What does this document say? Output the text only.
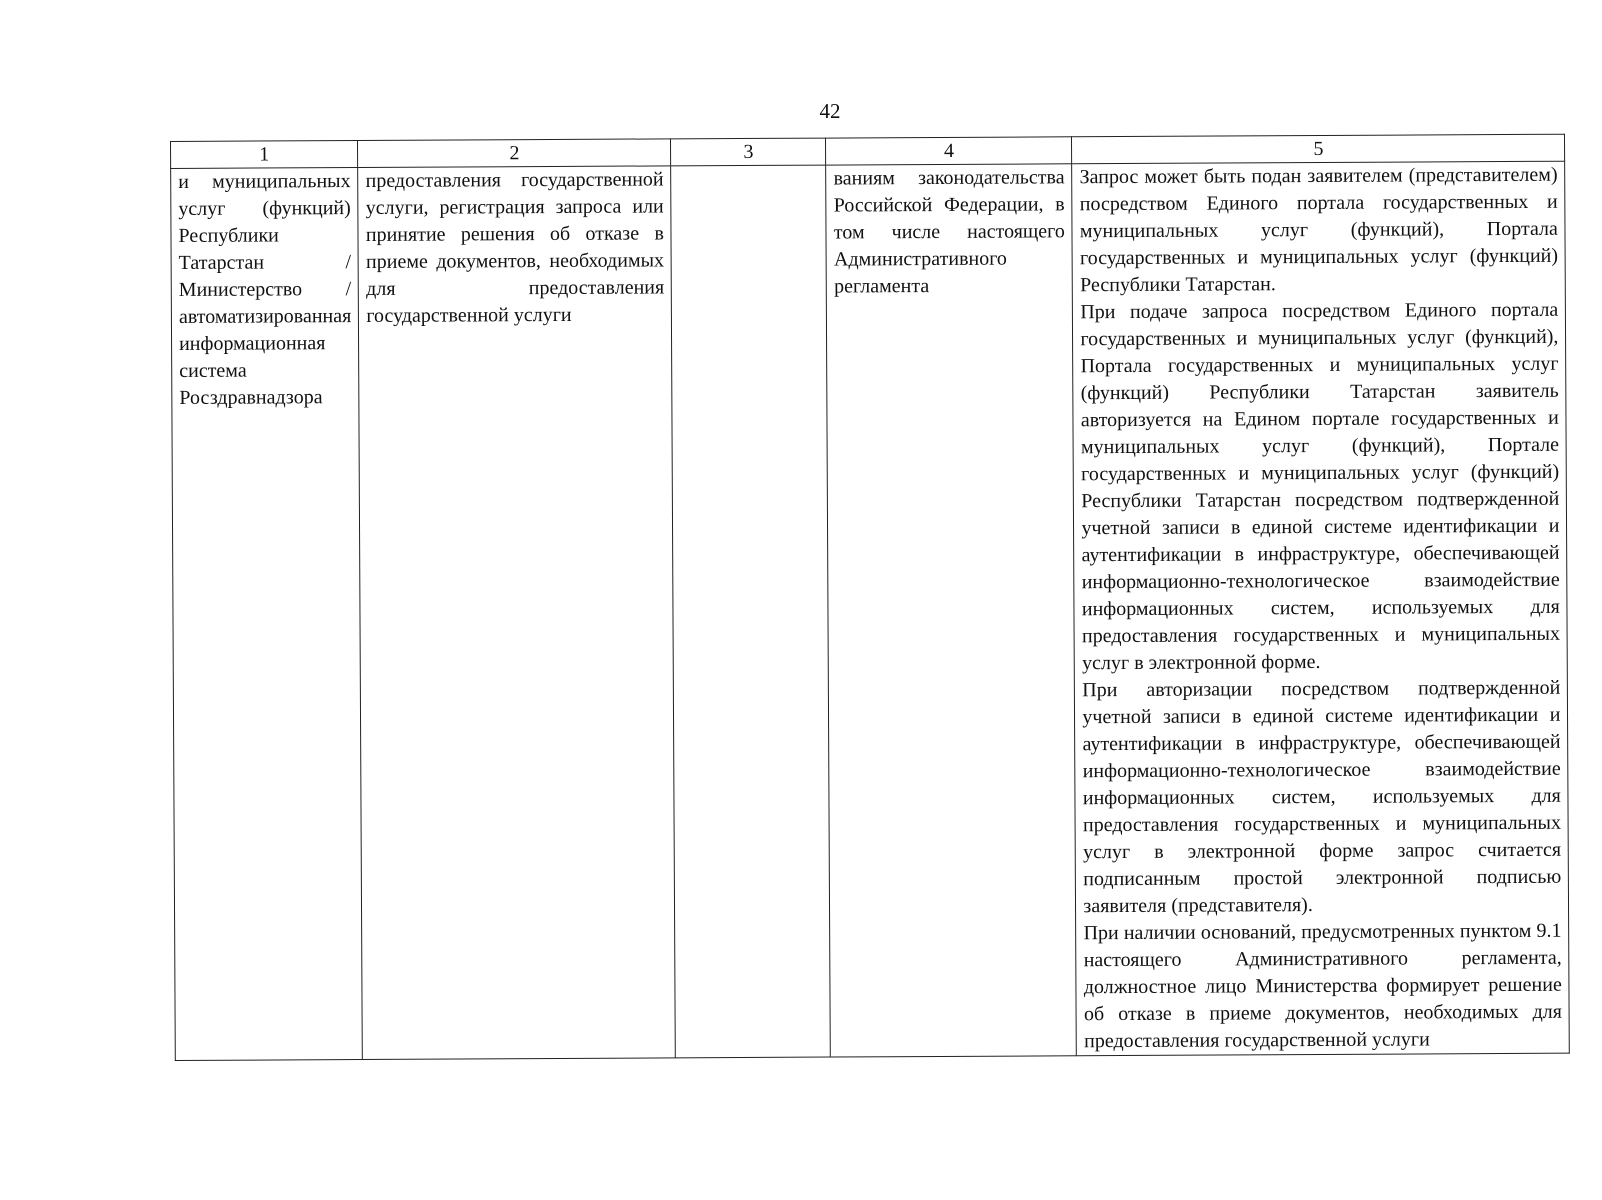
42
1	2	3	4	5

и муниципальных услуг (функций) Республики Татарстан / Министерство / автоматизированная информационная система Росздравнадзора	предоставления государственной услуги, регистрация запроса или принятие решения об отказе в приеме документов, необходимых для предоставления государственной услуги		ваниям законодательства Российской Федерации, в том числе настоящего Административного регламента	Запрос может быть подан заявителем (представителем) посредством Единого портала государственных и муниципальных услуг (функций), Портала государственных и муниципальных услуг (функций) Республики Татарстан.

При подаче запроса посредством Единого портала государственных и муниципальных услуг (функций), Портала государственных и муниципальных услуг (функций) Республики Татарстан заявитель авторизуется на Едином портале государственных и муниципальных услуг (функций), Портале государственных и муниципальных услуг (функций) Республики Татарстан посредством подтвержденной учетной записи в единой системе идентификации и аутентификации в инфраструктуре, обеспечивающей информационно-технологическое взаимодействие информационных систем, используемых для предоставления государственных и муниципальных услуг в электронной форме.

При авторизации посредством подтвержденной учетной записи в единой системе идентификации и аутентификации в инфраструктуре, обеспечивающей информационно-технологическое взаимодействие информационных систем, используемых для предоставления государственных и муниципальных услуг в электронной форме запрос считается подписанным простой электронной подписью заявителя (представителя).

При наличии оснований, предусмотренных пунктом 9.1 настоящего Административного регламента, должностное лицо Министерства формирует решение об отказе в приеме документов, необходимых для предоставления государственной услуги
